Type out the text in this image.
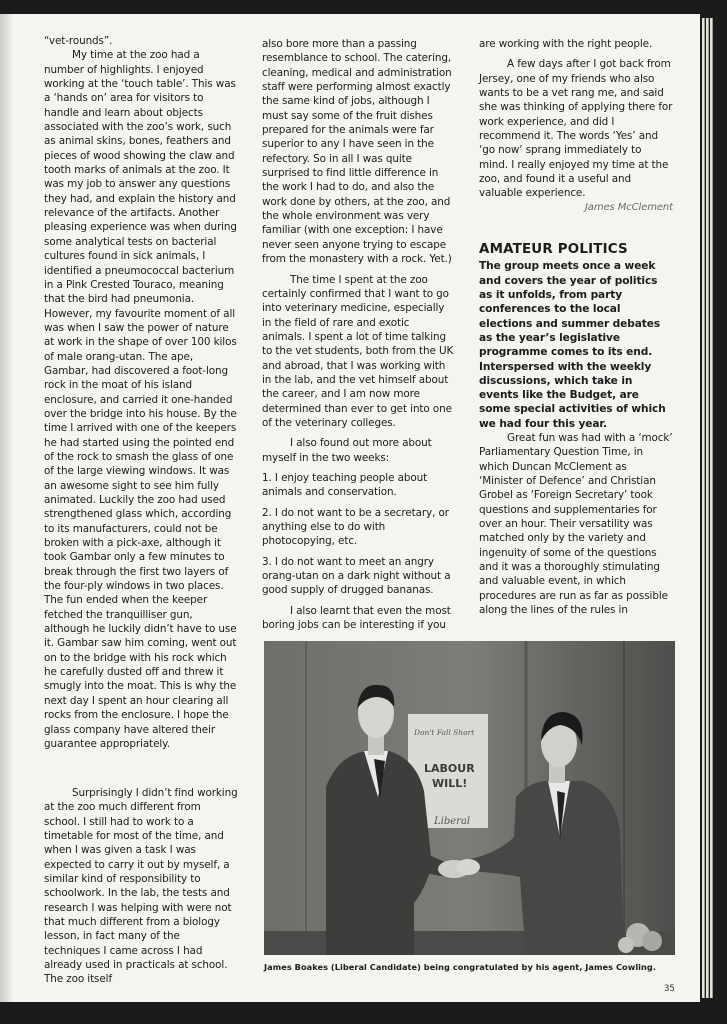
“vet-rounds”.

My time at the zoo had a number of highlights. I enjoyed working at the ‘touch table’. This was a ‘hands on’ area for visitors to handle and learn about objects associated with the zoo’s work, such as animal skins, bones, feathers and pieces of wood showing the claw and tooth marks of animals at the zoo. It was my job to answer any questions they had, and explain the history and relevance of the artifacts. Another pleasing experience was when during some analytical tests on bacterial cultures found in sick animals, I identified a pneumococcal bacterium in a Pink Crested Touraco, meaning that the bird had pneumonia. However, my favourite moment of all was when I saw the power of nature at work in the shape of over 100 kilos of male orang-utan. The ape, Gambar, had discovered a foot-long rock in the moat of his island enclosure, and carried it one-handed over the bridge into his house. By the time I arrived with one of the keepers he had started using the pointed end of the rock to smash the glass of one of the large viewing windows. It was an awesome sight to see him fully animated. Luckily the zoo had used strengthened glass which, according to its manufacturers, could not be broken with a pick-axe, although it took Gambar only a few minutes to break through the first two layers of the four-ply windows in two places. The fun ended when the keeper fetched the tranquilliser gun, although he luckily didn’t have to use it. Gambar saw him coming, went out on to the bridge with his rock which he carefully dusted off and threw it smugly into the moat. This is why the next day I spent an hour clearing all rocks from the enclosure. I hope the glass company have altered their guarantee appropriately.

Surprisingly I didn’t find working at the zoo much different from school. I still had to work to a timetable for most of the time, and when I was given a task I was expected to carry it out by myself, a similar kind of responsibility to schoolwork. In the lab, the tests and research I was helping with were not that much different from a biology lesson, in fact many of the techniques I came across I had already used in practicals at school. The zoo itself

also bore more than a passing resemblance to school. The catering, cleaning, medical and administration staff were performing almost exactly the same kind of jobs, although I must say some of the fruit dishes prepared for the animals were far superior to any I have seen in the refectory. So in all I was quite surprised to find little difference in the work I had to do, and also the work done by others, at the zoo, and the whole environment was very familiar (with one exception: I have never seen anyone trying to escape from the monastery with a rock. Yet.)

The time I spent at the zoo certainly confirmed that I want to go into veterinary medicine, especially in the field of rare and exotic animals. I spent a lot of time talking to the vet students, both from the UK and abroad, that I was working with in the lab, and the vet himself about the career, and I am now more determined than ever to get into one of the veterinary colleges.

I also found out more about myself in the two weeks:

1. I enjoy teaching people about animals and conservation.

2. I do not want to be a secretary, or anything else to do with photocopying, etc.

3. I do not want to meet an angry orang-utan on a dark night without a good supply of drugged bananas.

I also learnt that even the most boring jobs can be interesting if you

are working with the right people.

A few days after I got back from Jersey, one of my friends who also wants to be a vet rang me, and said she was thinking of applying there for work experience, and did I recommend it. The words ‘Yes’ and ‘go now’ sprang immediately to mind. I really enjoyed my time at the zoo, and found it a useful and valuable experience.

James McClement

AMATEUR POLITICS

The group meets once a week and covers the year of politics as it unfolds, from party conferences to the local elections and summer debates as the year’s legislative programme comes to its end. Interspersed with the weekly discussions, which take in events like the Budget, are some special activities of which we had four this year.

Great fun was had with a ‘mock’ Parliamentary Question Time, in which Duncan McClement as ‘Minister of Defence’ and Christian Grobel as ‘Foreign Secretary’ took questions and supplementaries for over an hour. Their versatility was matched only by the variety and ingenuity of some of the questions and it was a thoroughly stimulating and valuable event, in which procedures are run as far as possible along the lines of the rules in

Don't Fall Short
LABOUR
WILL!
Liberal
James Boakes (Liberal Candidate) being congratulated by his agent, James Cowling.
35
